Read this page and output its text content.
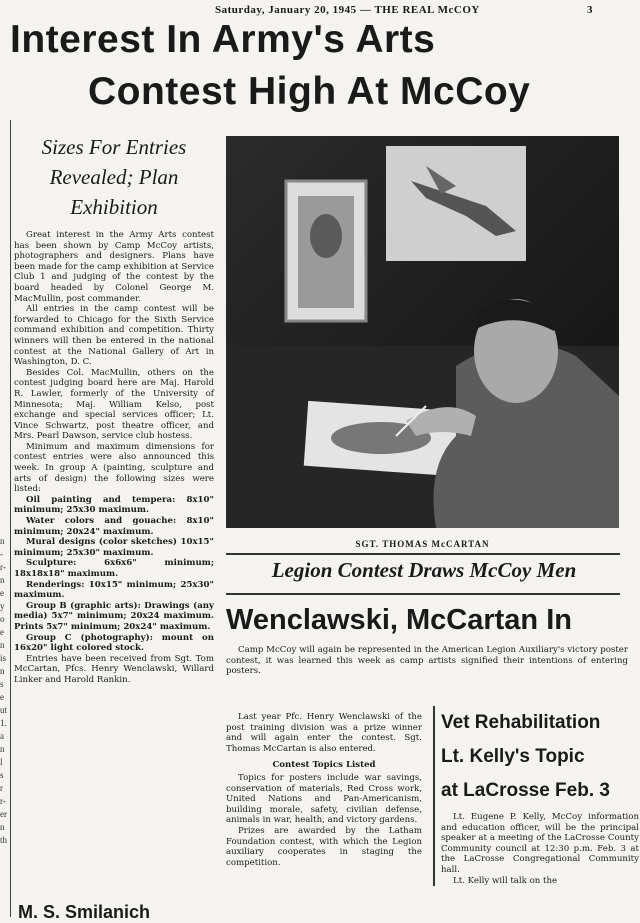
Saturday, January 20, 1945 — THE REAL McCOY	3
Interest In Army's Arts
Contest High At McCoy
n
-
r-
n
e
y
o
e
n
is
n
s
e
ut
1.
a
n
l
s
r
r-
er
n
th
Sizes For Entries Revealed; Plan Exhibition

Great interest in the Army Arts contest has been shown by Camp McCoy artists, photographers and designers. Plans have been made for the camp exhibition at Service Club 1 and judging of the contest by the board headed by Colonel George M. MacMullin, post commander.

All entries in the camp contest will be forwarded to Chicago for the Sixth Service command exhibition and competition. Thirty winners will then be entered in the national contest at the National Gallery of Art in Washington, D. C.

Besides Col. MacMullin, others on the contest judging board here are Maj. Harold R. Lawler, formerly of the University of Minnesota; Maj. William Kelso, post exchange and special services officer; Lt. Vince Schwartz, post theatre officer, and Mrs. Pearl Dawson, service club hostess.

Minimum and maximum dimensions for contest entries were also announced this week. In group A (painting, sculpture and arts of design) the following sizes were listed:

Oil painting and tempera: 8x10" minimum; 25x30 maximum.

Water colors and gouache: 8x10" minimum; 20x24" maximum.

Mural designs (color sketches) 10x15" minimum; 25x30" maximum.

Sculpture: 6x6x6" minimum; 18x18x18" maximum.

Renderings: 10x15" minimum; 25x30" maximum.

Group B (graphic arts): Drawings (any media) 5x7" minimum; 20x24 maximum. Prints 5x7" minimum; 20x24" maximum.

Group C (photography): mount on 16x20" light colored stock.

Entries have been received from Sgt. Tom McCartan, Pfcs. Henry Wenclawski, Willard Linker and Harold Rankin.

M. S. Smilanich
SGT. THOMAS McCARTAN
Legion Contest Draws McCoy Men
Wenclawski, McCartan In

Camp McCoy will again be represented in the American Legion Auxiliary's victory poster contest, it was learned this week as camp artists signified their intentions of entering posters.

Last year Pfc. Henry Wenclawski of the post training division was a prize winner and will again enter the contest. Sgt. Thomas McCartan is also entered.

Contest Topics Listed

Topics for posters include war savings, conservation of materials, Red Cross work, United Nations and Pan-Americanism, building morale, safety, civilian defense, animals in war, health, and victory gardens.

Prizes are awarded by the Latham Foundation contest, with which the Legion auxiliary cooperates in staging the competition.

Vet Rehabilitation
Lt. Kelly's Topic
at LaCrosse Feb. 3

Lt. Eugene P. Kelly, McCoy information and education officer, will be the principal speaker at a meeting of the LaCrosse County Community council at 12:30 p.m. Feb. 3 at the LaCrosse Congregational Community hall.

Lt. Kelly will talk on the
